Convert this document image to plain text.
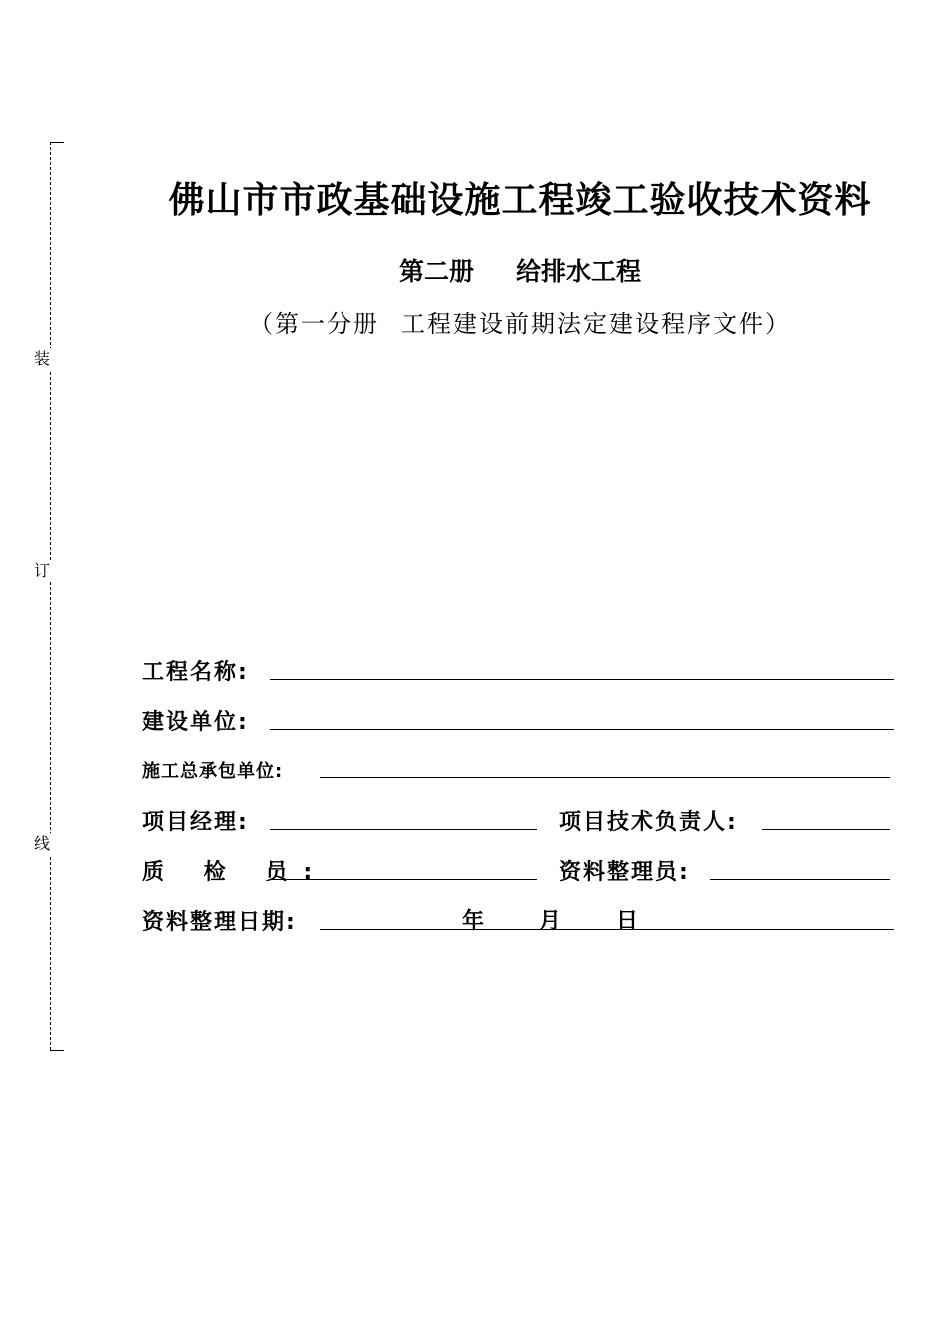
装
订
线
佛山市市政基础设施工程竣工验收技术资料
第二册 给排水工程
（第一分册 工程建设前期法定建设程序文件）
工程名称:
建设单位:
施工总承包单位:
项目经理:	项目技术负责人:
质 检 员:	资料整理员:
资料整理日期:	年 月 日
